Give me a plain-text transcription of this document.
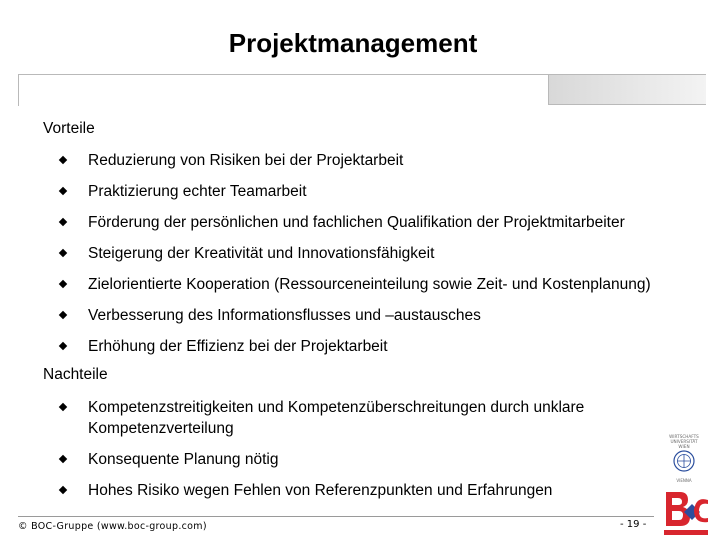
Projektmanagement
Vorteile
Reduzierung von Risiken bei der Projektarbeit
Praktizierung echter Teamarbeit
Förderung der persönlichen und fachlichen Qualifikation der Projektmitarbeiter
Steigerung der Kreativität und Innovationsfähigkeit
Zielorientierte Kooperation (Ressourceneinteilung sowie Zeit- und Kostenplanung)
Verbesserung des Informationsflusses und –austausches
Erhöhung der Effizienz bei der Projektarbeit
Nachteile
Kompetenzstreitigkeiten und Kompetenzüberschreitungen durch unklare Kompetenzverteilung
Konsequente Planung nötig
Hohes Risiko wegen Fehlen von Referenzpunkten und Erfahrungen
© BOC-Gruppe (www.boc-group.com)	- 19 -
WIRTSCHAFTS
UNIVERSITÄT
WIEN
VIENNA
